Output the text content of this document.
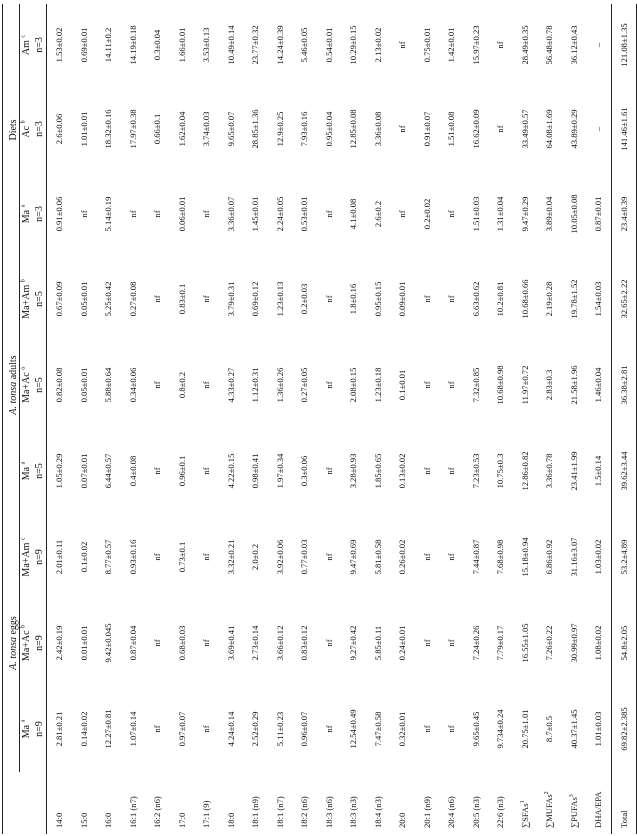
	A. tonsa eggs			A. tonsa adults			Diets		
	Ma $^a$	Ma+Ac $^b$	Ma+Am $^c$	Ma $^a$	Ma+Ac $^a$	Ma+Am $^b$	Ma $^a$	Ac $^b$	Am $^c$
	n=9	n=9	n=9	n=5	n=5	n=5	n=3	n=3	n=3
14:0	2.81±0.21	2.42±0.19	2.01±0.11	1.05±0.29	0.82±0.08	0.67±0.09	0.91±0.06	2.6±0.06	1.53±0.02
15:0	0.14±0.02	0.01±0.01	0.1±0.02	0.07±0.01	0.05±0.01	0.05±0.01	nf	1.01±0.01	0.69±0.01
16:0	12.27±0.81	9.42±0.045	8.77±0.57	6.44±0.57	5.88±0.64	5.25±0.42	5.14±0.19	18.32±0.16	14.11±0.2
16:1 (n7)	1.07±0.14	0.87±0.04	0.93±0.16	0.4±0.08	0.34±0.06	0.27±0.08	nf	17.97±0.38	14.19±0.18
16:2 (n6)	nf	nf	nf	nf	nf	nf	nf	0.66±0.1	0.3±0.04
17:0	0.97±0.07	0.68±0.03	0.73±0.1	0.96±0.1	0.8±0.2	0.83±0.1	0.06±0.01	1.62±0.04	1.66±0.01
17:1 (9)	nf	nf	nf	nf	nf	nf	nf	3.74±0.03	3.53±0.13
18:0	4.24±0.14	3.69±0.41	3.32±0.21	4.22±0.15	4.33±0.27	3.79±0.31	3.36±0.07	9.65±0.07	10.49±0.14
18:1 (n9)	2.52±0.29	2.73±0.14	2.0±0.2	0.98±0.41	1.12±0.31	0.69±0.12	1.45±0.01	28.85±1.36	23.77±0.32
18:1 (n7)	5.11±0.23	3.66±0.12	3.92±0.06	1.97±0.34	1.36±0.26	1.23±0.13	2.24±0.05	12.9±0.25	14.24±0.39
18:2 (n6)	0.96±0.07	0.83±0.12	0.77±0.03	0.3±0.06	0.27±0.05	0.2±0.03	0.53±0.01	7.93±0.16	5.46±0.05
18:3 (n6)	nf	nf	nf	nf	nf	nf	nf	0.95±0.04	0.54±0.01
18:3 (n3)	12.54±0.49	9.27±0.42	9.47±0.69	3.28±0.93	2.08±0.15	1.8±0.16	4.1±0.08	12.85±0.08	10.29±0.15
18:4 (n3)	7.47±0.58	5.85±0.11	5.81±0.58	1.85±0.65	1.23±0.18	0.95±0.15	2.6±0.2	3.36±0.08	2.13±0.02
20:0	0.32±0.01	0.24±0.01	0.26±0.02	0.13±0.02	0.1±0.01	0.09±0.01	nf	nf	nf
20:1 (n9)	nf	nf	nf	nf	nf	nf	0.2±0.02	0.91±0.07	0.75±0.01
20:4 (n6)	nf	nf	nf	nf	nf	nf	nf	1.51±0.08	1.42±0.01
20:5 (n3)	9.65±0.45	7.24±0.26	7.44±0.87	7.23±0.53	7.32±0.85	6.63±0.62	1.51±0.03	16.62±0.09	15.97±0.23
22:6 (n3)	9.734±0.24	7.79±0.17	7.68±0.98	10.75±0.3	10.68±0.98	10.2±0.81	1.31±0.04	nf	nf
∑SFAs$^1$	20.75±1.01	16.55±1.05	15.18±0.94	12.86±0.82	11.97±0.72	10.68±0.66	9.47±0.29	33.49±0.57	28.49±0.35
∑MUFAs$^2$	8.7±0.5	7.26±0.22	6.86±0.92	3.36±0.78	2.83±0.3	2.19±0.28	3.89±0.04	64.08±1.69	56.48±0.78
∑PUFAs$^3$	40.37±1.45	30.99±0.97	31.16±3.07	23.41±1.99	21.58±1.96	19.78±1.52	10.05±0.08	43.89±0.29	36.12±0.43
DHA/EPA	1.01±0.03	1.08±0.02	1.03±0.02	1.5±0.14	1.46±0.04	1.54±0.03	0.87±0.01	–	–
Total	69.82±2.385	54.8±2.05	53.2±4.89	39.62±3.44	36.38±2.81	32.65±2.22	23.4±0.39	141.46±1.61	121.08±1.35
